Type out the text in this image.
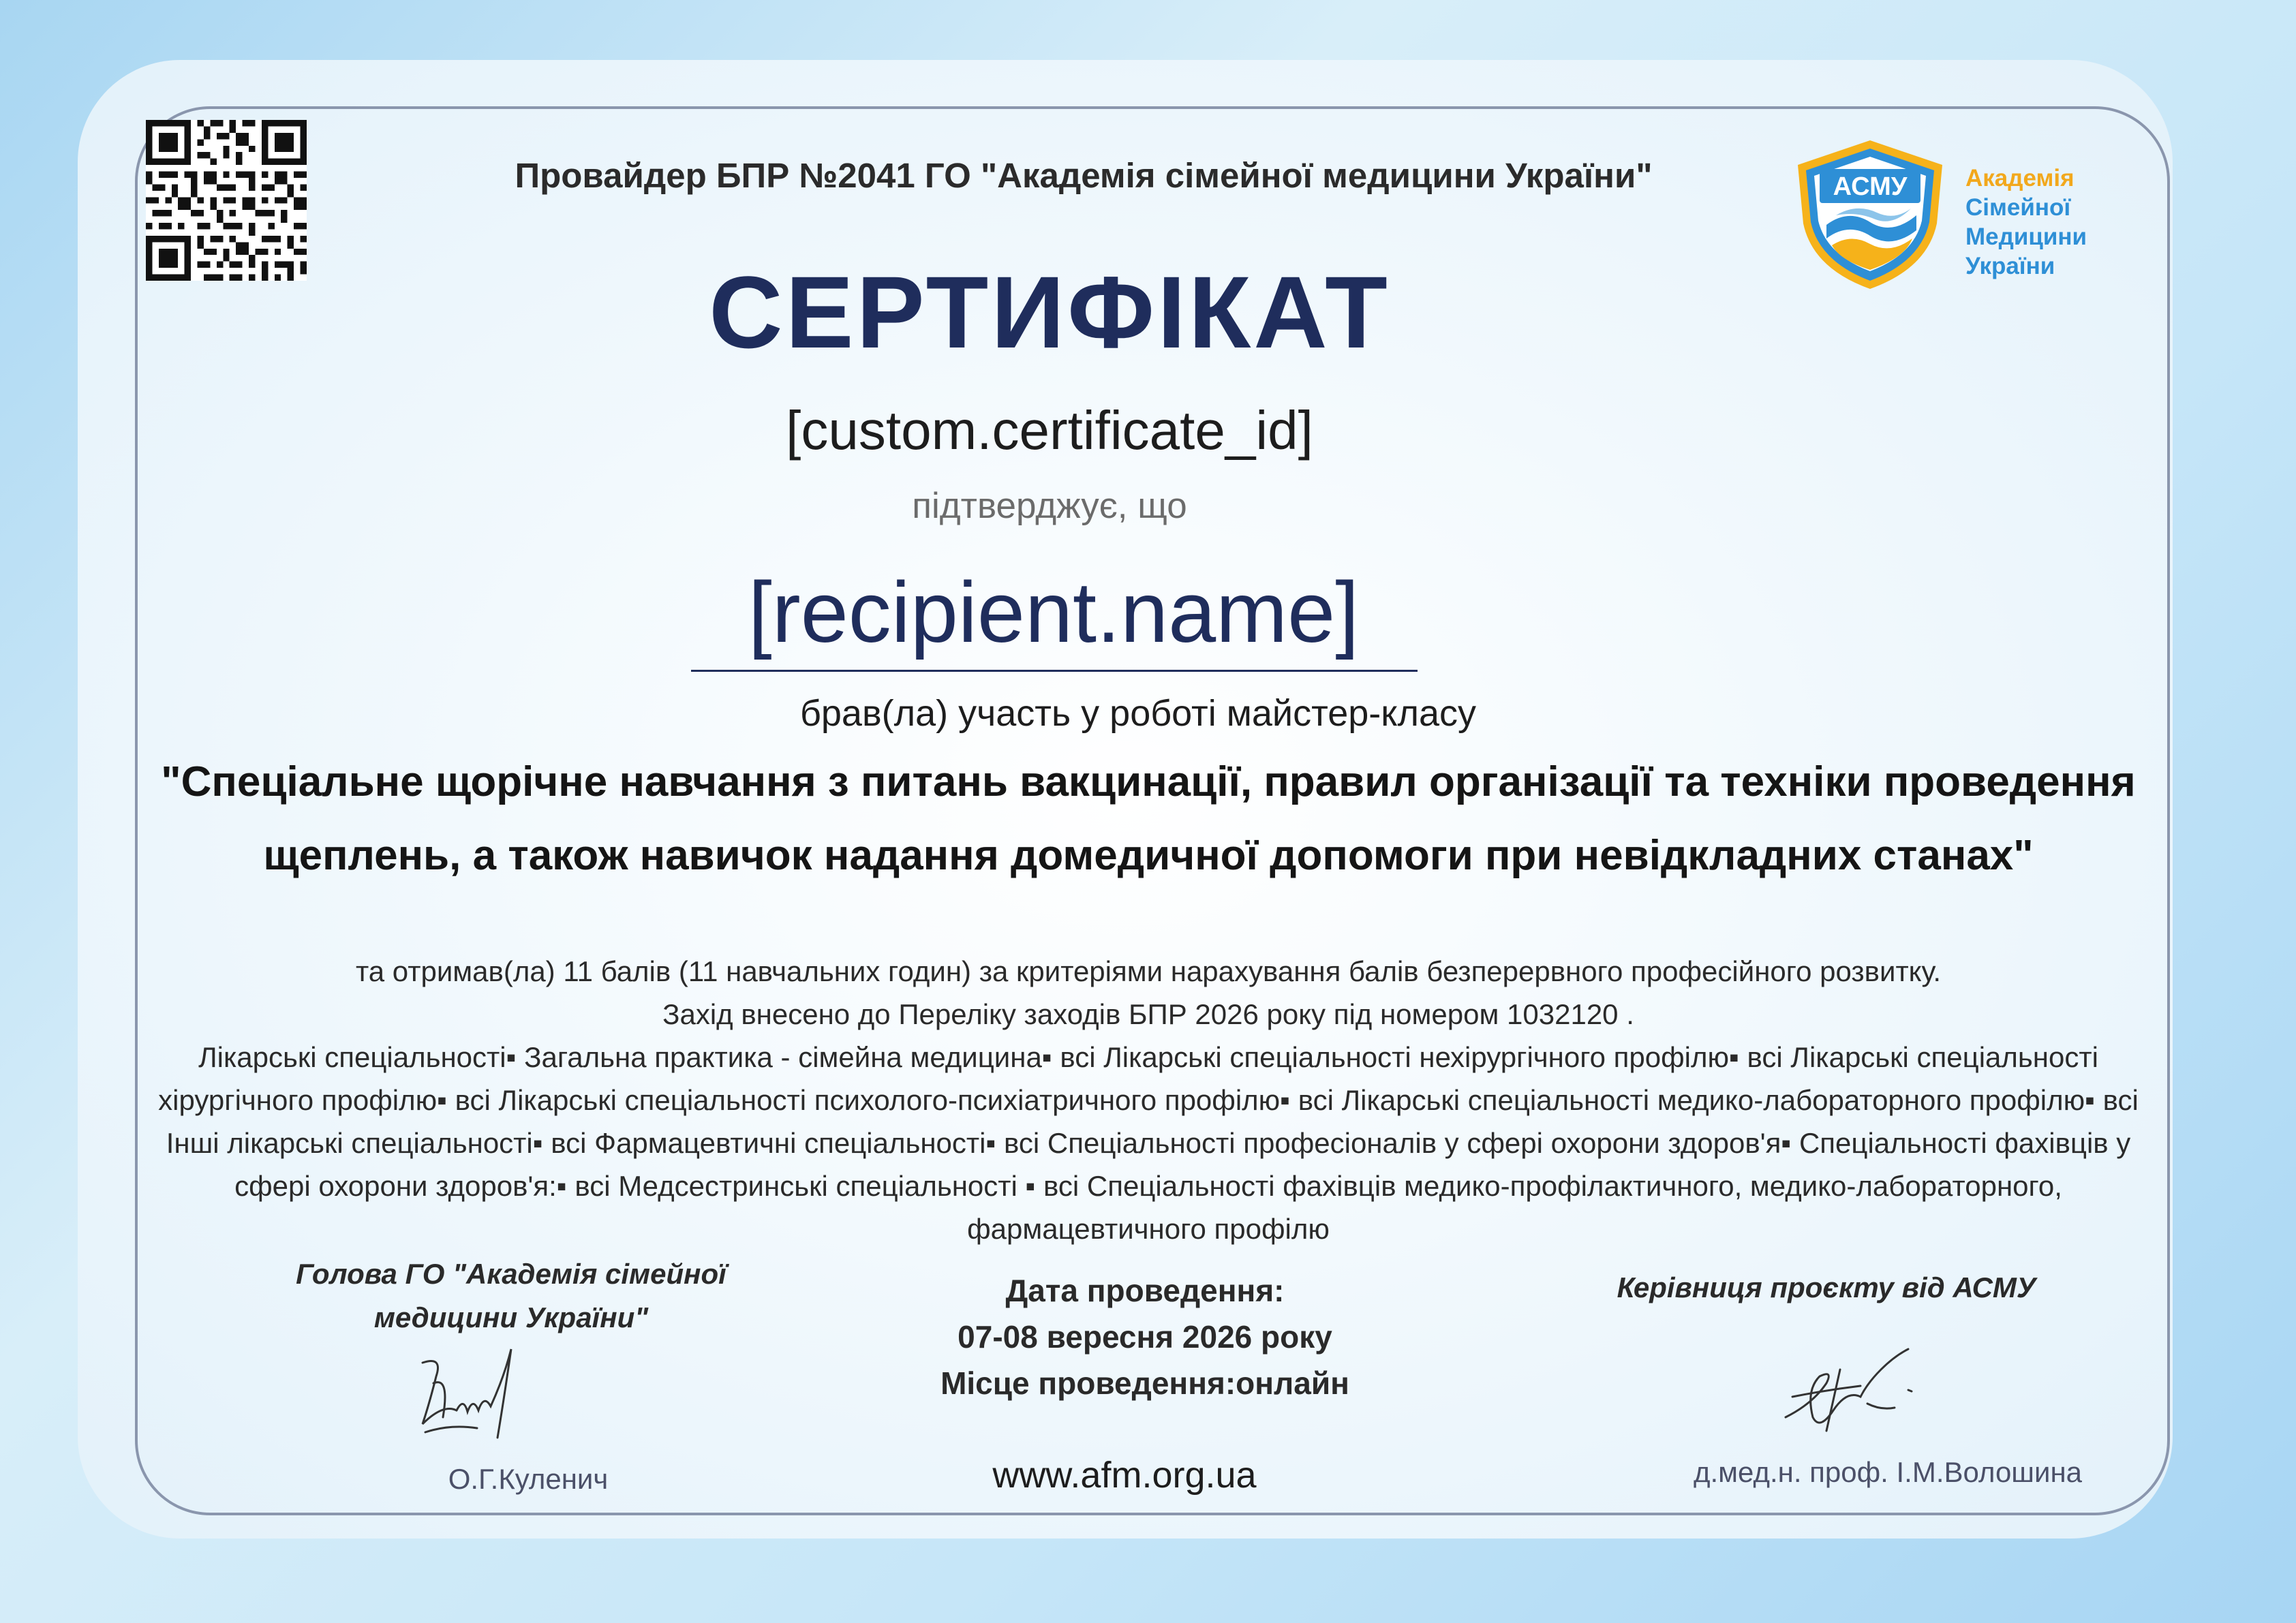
Провайдер БПР №2041 ГО "Академія сімейної медицини України"	АСМУ Академія
Сімейної
Медицини
України
СЕРТИФІКАТ
[custom.certificate_id]
підтверджує, що
[recipient.name]
брав(ла) участь у роботі майстер-класу
"Спеціальне щорічне навчання з питань вакцинації, правил організації та техніки проведення щеплень, а також навичок надання домедичної допомоги при невідкладних станах"
та отримав(ла) 11 балів (11 навчальних годин) за критеріями нарахування балів безперервного професійного розвитку.
Захід внесено до Переліку заходів БПР 2026 року під номером 1032120 .
Лікарські спеціальності▪ Загальна практика - сімейна медицина▪ всі Лікарські спеціальності нехірургічного профілю▪ всі Лікарські спеціальності хірургічного профілю▪ всі Лікарські спеціальності психолого-психіатричного профілю▪ всі Лікарські спеціальності медико-лабораторного профілю▪ всі Інші лікарські спеціальності▪ всі Фармацевтичні спеціальності▪ всі Спеціальності професіоналів у сфері охорони здоров'я▪ Спеціальності фахівців у сфері охорони здоров'я:▪ всі Медсестринські спеціальності ▪ всі Спеціальності фахівців медико-профілактичного, медико-лабораторного, фармацевтичного профілю
Голова ГО "Академія сімейної медицини України"
Дата проведення:
07-08 вересня 2026 року
Місце проведення:онлайн
Керівниця проєкту від АСМУ
О.Г.Куленич	www.afm.org.ua	д.мед.н. проф. І.М.Волошина
